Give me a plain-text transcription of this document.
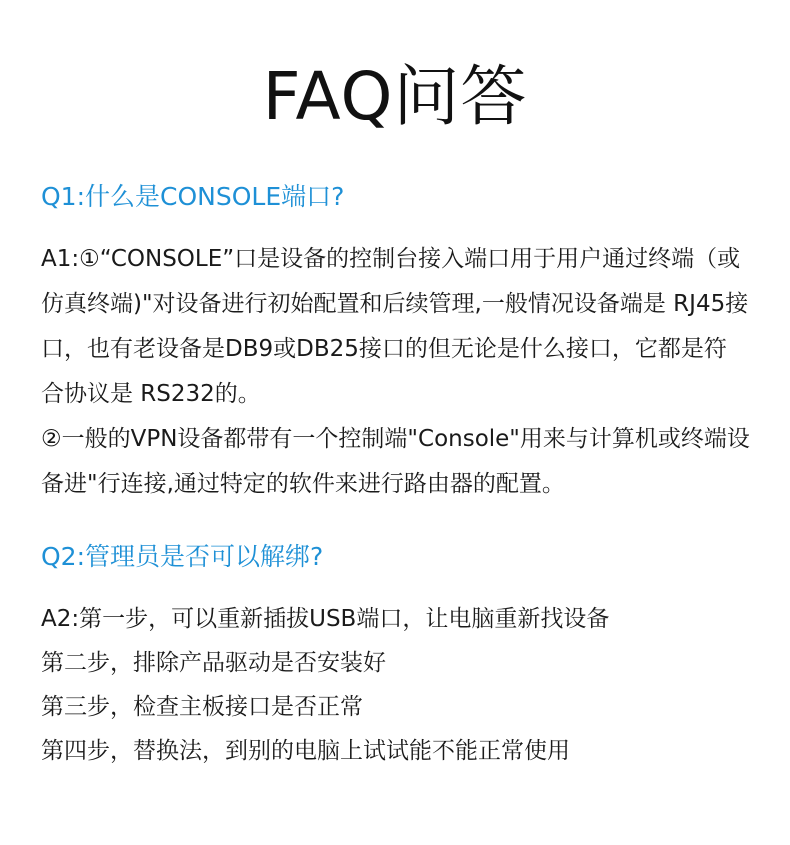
FAQ问答
Q1:什么是CONSOLE端口?
A1:①“CONSOLE”口是设备的控制台接入端口用于用户通过终端（或
仿真终端)"对设备进行初始配置和后续管理,一般情况设备端是 RJ45接
口，也有老设备是DB9或DB25接口的但无论是什么接口，它都是符
合协议是 RS232的。
②一般的VPN设备都带有一个控制端"Console"用来与计算机或终端设
备进"行连接,通过特定的软件来进行路由器的配置。
Q2:管理员是否可以解绑?
A2:第一步，可以重新插拔USB端口，让电脑重新找设备
第二步，排除产品驱动是否安装好
第三步，检查主板接口是否正常
第四步，替换法，到别的电脑上试试能不能正常使用
